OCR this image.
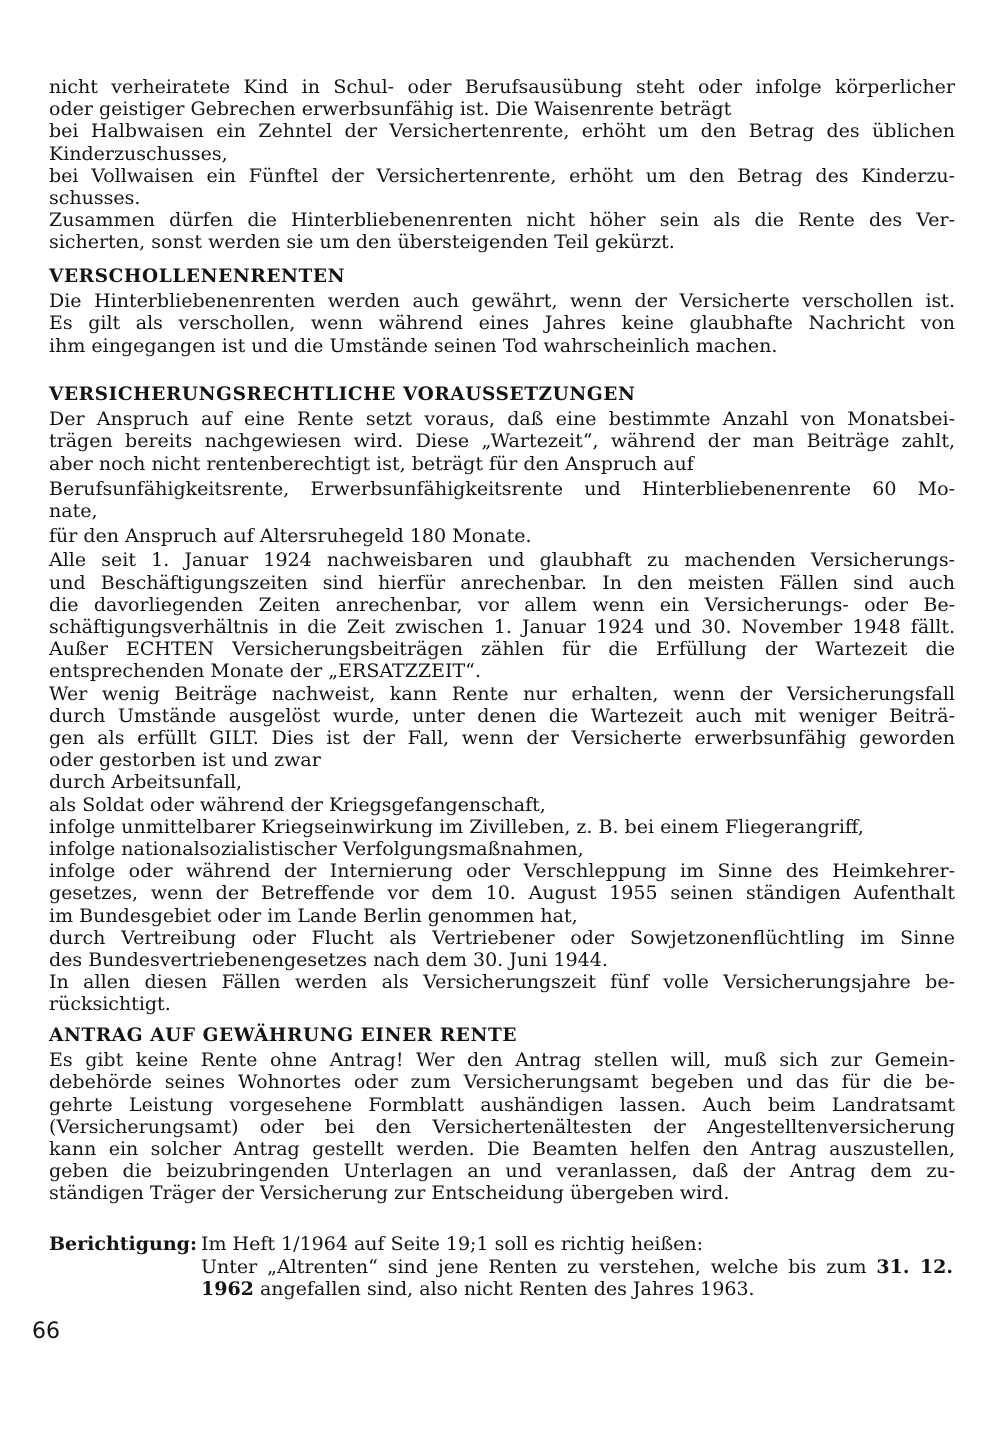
nicht verheiratete Kind in Schul- oder Berufsausübung steht oder infolge körperlicher
oder geistiger Gebrechen erwerbsunfähig ist. Die Waisenrente beträgt
bei Halbwaisen ein Zehntel der Versichertenrente, erhöht um den Betrag des üblichen
Kinderzuschusses,
bei Vollwaisen ein Fünftel der Versichertenrente, erhöht um den Betrag des Kinderzu-
schusses.
Zusammen dürfen die Hinterbliebenenrenten nicht höher sein als die Rente des Ver-
sicherten, sonst werden sie um den übersteigenden Teil gekürzt.
VERSCHOLLENENRENTEN
Die Hinterbliebenenrenten werden auch gewährt, wenn der Versicherte verschollen ist.
Es gilt als verschollen, wenn während eines Jahres keine glaubhafte Nachricht von
ihm eingegangen ist und die Umstände seinen Tod wahrscheinlich machen.
VERSICHERUNGSRECHTLICHE VORAUSSETZUNGEN
Der Anspruch auf eine Rente setzt voraus, daß eine bestimmte Anzahl von Monatsbei-
trägen bereits nachgewiesen wird. Diese „Wartezeit“, während der man Beiträge zahlt,
aber noch nicht rentenberechtigt ist, beträgt für den Anspruch auf
Berufsunfähigkeitsrente, Erwerbsunfähigkeitsrente und Hinterbliebenenrente 60 Mo-
nate,
für den Anspruch auf Altersruhegeld 180 Monate.
Alle seit 1. Januar 1924 nachweisbaren und glaubhaft zu machenden Versicherungs-
und Beschäftigungszeiten sind hierfür anrechenbar. In den meisten Fällen sind auch
die davorliegenden Zeiten anrechenbar, vor allem wenn ein Versicherungs- oder Be-
schäftigungsverhältnis in die Zeit zwischen 1. Januar 1924 und 30. November 1948 fällt.
Außer ECHTEN Versicherungsbeiträgen zählen für die Erfüllung der Wartezeit die
entsprechenden Monate der „ERSATZZEIT“.
Wer wenig Beiträge nachweist, kann Rente nur erhalten, wenn der Versicherungsfall
durch Umstände ausgelöst wurde, unter denen die Wartezeit auch mit weniger Beiträ-
gen als erfüllt GILT. Dies ist der Fall, wenn der Versicherte erwerbsunfähig geworden
oder gestorben ist und zwar
durch Arbeitsunfall,
als Soldat oder während der Kriegsgefangenschaft,
infolge unmittelbarer Kriegseinwirkung im Zivilleben, z. B. bei einem Fliegerangriff,
infolge nationalsozialistischer Verfolgungsmaßnahmen,
infolge oder während der Internierung oder Verschleppung im Sinne des Heimkehrer-
gesetzes, wenn der Betreffende vor dem 10. August 1955 seinen ständigen Aufenthalt
im Bundesgebiet oder im Lande Berlin genommen hat,
durch Vertreibung oder Flucht als Vertriebener oder Sowjetzonenflüchtling im Sinne
des Bundesvertriebenengesetzes nach dem 30. Juni 1944.
In allen diesen Fällen werden als Versicherungszeit fünf volle Versicherungsjahre be-
rücksichtigt.
ANTRAG AUF GEWÄHRUNG EINER RENTE
Es gibt keine Rente ohne Antrag! Wer den Antrag stellen will, muß sich zur Gemein-
debehörde seines Wohnortes oder zum Versicherungsamt begeben und das für die be-
gehrte Leistung vorgesehene Formblatt aushändigen lassen. Auch beim Landratsamt
(Versicherungsamt) oder bei den Versichertenältesten der Angestelltenversicherung
kann ein solcher Antrag gestellt werden. Die Beamten helfen den Antrag auszustellen,
geben die beizubringenden Unterlagen an und veranlassen, daß der Antrag dem zu-
ständigen Träger der Versicherung zur Entscheidung übergeben wird.
Berichtigung: Im Heft 1/1964 auf Seite 19;1 soll es richtig heißen:
Unter „Altrenten“ sind jene Renten zu verstehen, welche bis zum 31. 12.
1962 angefallen sind, also nicht Renten des Jahres 1963.
66
